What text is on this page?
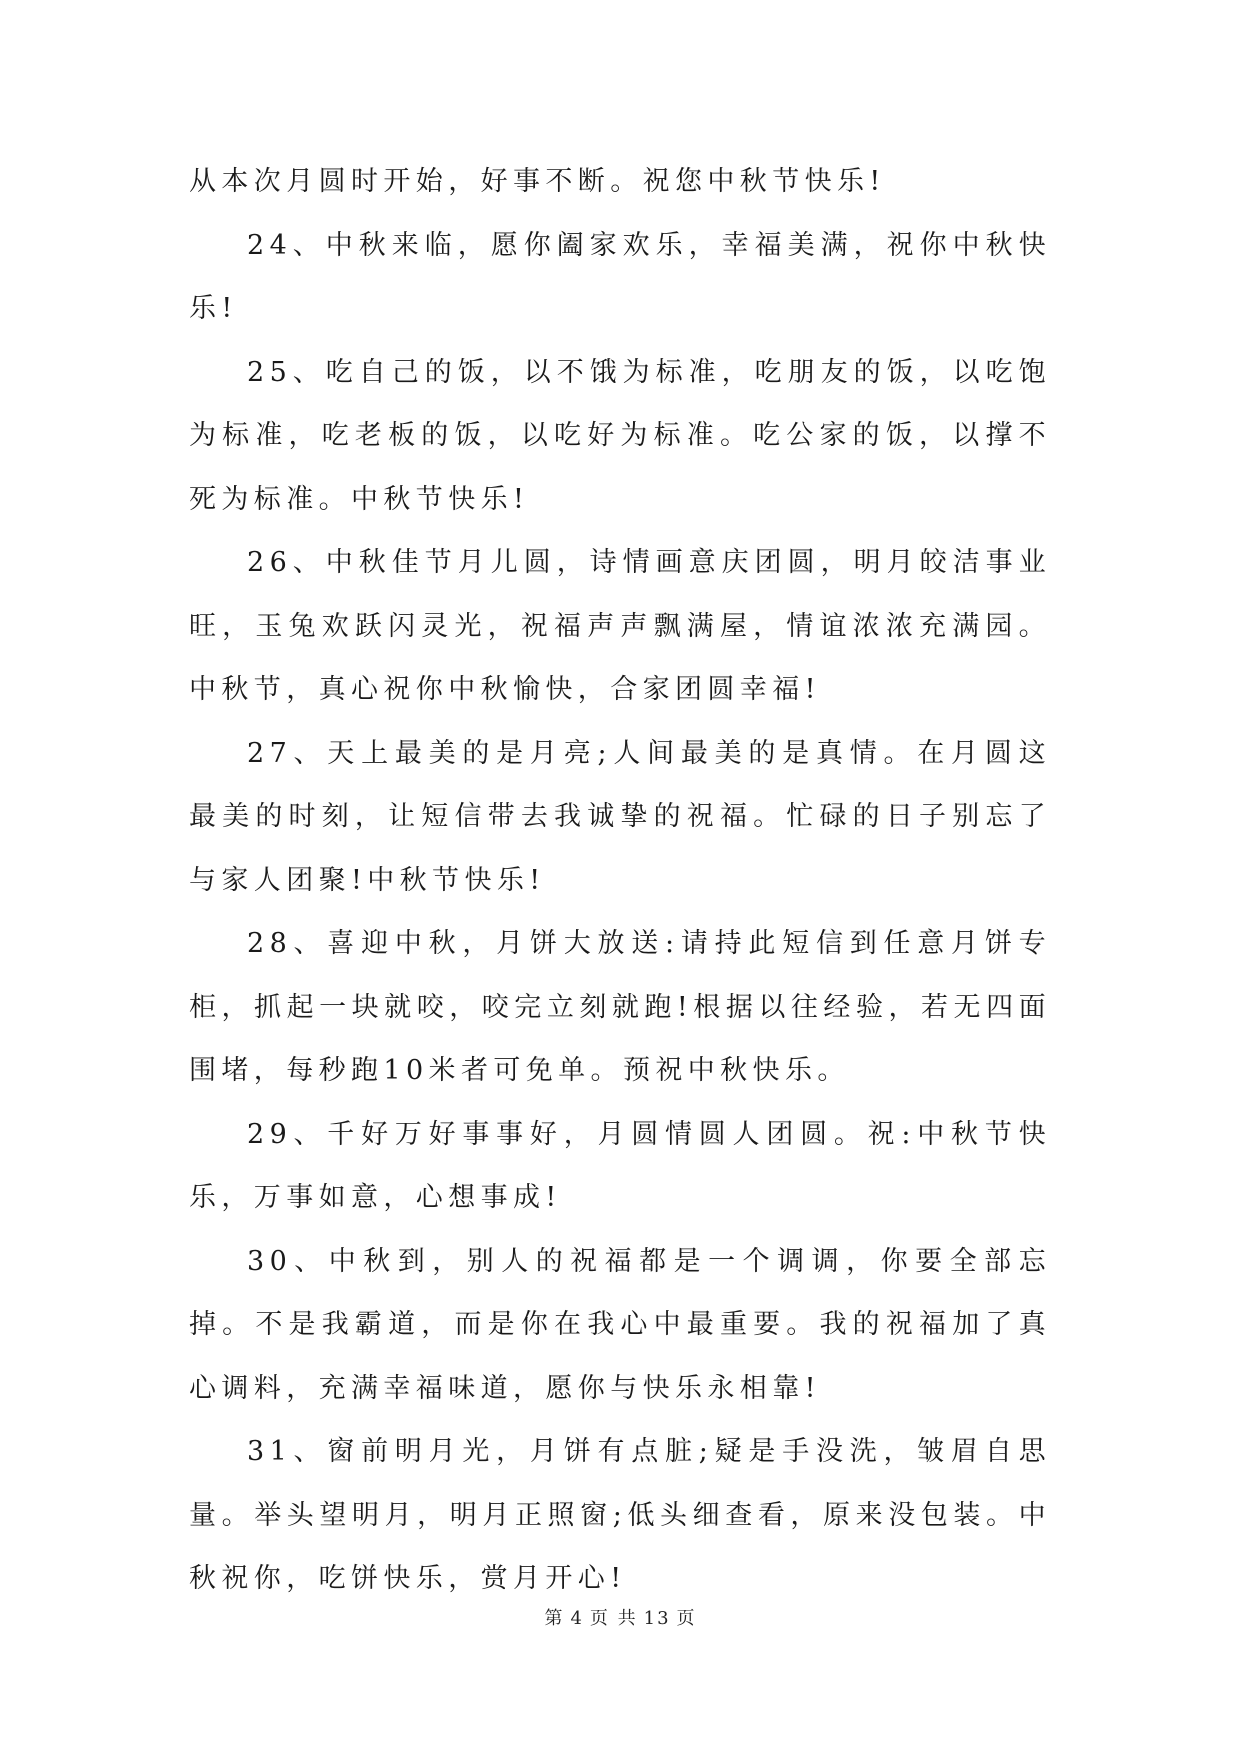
从本次月圆时开始，好事不断。祝您中秋节快乐!

24、中秋来临，愿你阖家欢乐，幸福美满，祝你中秋快乐!

25、吃自己的饭，以不饿为标准，吃朋友的饭，以吃饱为标准，吃老板的饭，以吃好为标准。吃公家的饭，以撑不死为标准。中秋节快乐!

26、中秋佳节月儿圆，诗情画意庆团圆，明月皎洁事业旺，玉兔欢跃闪灵光，祝福声声飘满屋，情谊浓浓充满园。中秋节，真心祝你中秋愉快，合家团圆幸福!

27、天上最美的是月亮;人间最美的是真情。在月圆这最美的时刻，让短信带去我诚挚的祝福。忙碌的日子别忘了与家人团聚!中秋节快乐!

28、喜迎中秋，月饼大放送:请持此短信到任意月饼专柜，抓起一块就咬，咬完立刻就跑!根据以往经验，若无四面围堵，每秒跑10米者可免单。预祝中秋快乐。

29、千好万好事事好，月圆情圆人团圆。祝:中秋节快乐，万事如意，心想事成!

30、中秋到，别人的祝福都是一个调调，你要全部忘掉。不是我霸道，而是你在我心中最重要。我的祝福加了真心调料，充满幸福味道，愿你与快乐永相靠!

31、窗前明月光，月饼有点脏;疑是手没洗，皱眉自思量。举头望明月，明月正照窗;低头细查看，原来没包装。中秋祝你，吃饼快乐，赏月开心!

第 4 页 共 13 页
